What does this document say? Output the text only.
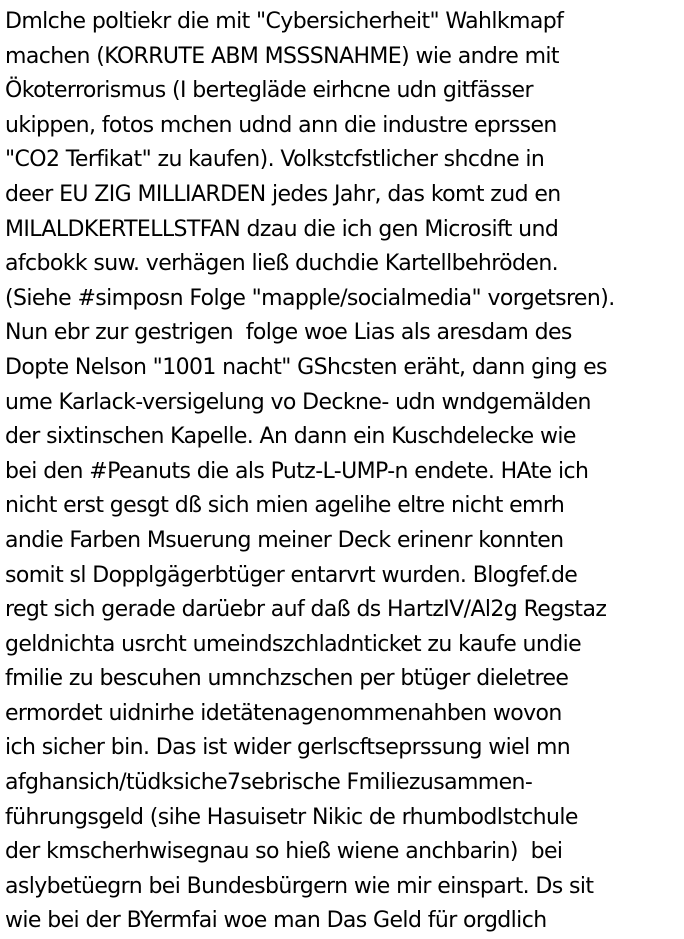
Dmlche poltiekr die mit "Cybersicherheit" Wahlkmapf
machen (KORRUTE ABM MSSSNAHME) wie andre mit
Ökoterrorismus (I bertegläde eirhcne udn gitfässer
ukippen, fotos mchen udnd ann die industre eprssen
"CO2 Terfikat" zu kaufen). Volkstcfstlicher shcdne in
deer EU ZIG MILLIARDEN jedes Jahr, das komt zud en
MILALDKERTELLSTFAN dzau die ich gen Microsift und
afcbokk suw. verhägen ließ duchdie Kartellbehröden.
(Siehe #simposn Folge "mapple/socialmedia" vorgetsren).
Nun ebr zur gestrigen  folge woe Lias als aresdam des
Dopte Nelson "1001 nacht" GShcsten eräht, dann ging es
ume Karlack-versigelung vo Deckne- udn wndgemälden
der sixtinschen Kapelle. An dann ein Kuschdelecke wie
bei den #Peanuts die als Putz-L-UMP-n endete. HAte ich
nicht erst gesgt dß sich mien agelihe eltre nicht emrh
andie Farben Msuerung meiner Deck erinenr konnten
somit sl Dopplgägerbtüger entarvrt wurden. Blogfef.de
regt sich gerade darüebr auf daß ds HartzIV/Al2g Regstaz
geldnichta usrcht umeindszchladnticket zu kaufe undie
fmilie zu bescuhen umnchzschen per btüger dieletree
ermordet uidnirhe idetätenagenommenahben wovon
ich sicher bin. Das ist wider gerlscftseprssung wiel mn
afghansich/tüdksiche7sebrische Fmiliezusammen-
führungsgeld (sihe Hasuisetr Nikic de rhumbodlstchule
der kmscherhwisegnau so hieß wiene anchbarin)  bei
aslybetüegrn bei Bundesbürgern wie mir einspart. Ds sit
wie bei der BYermfai woe man Das Geld für orgdlich
